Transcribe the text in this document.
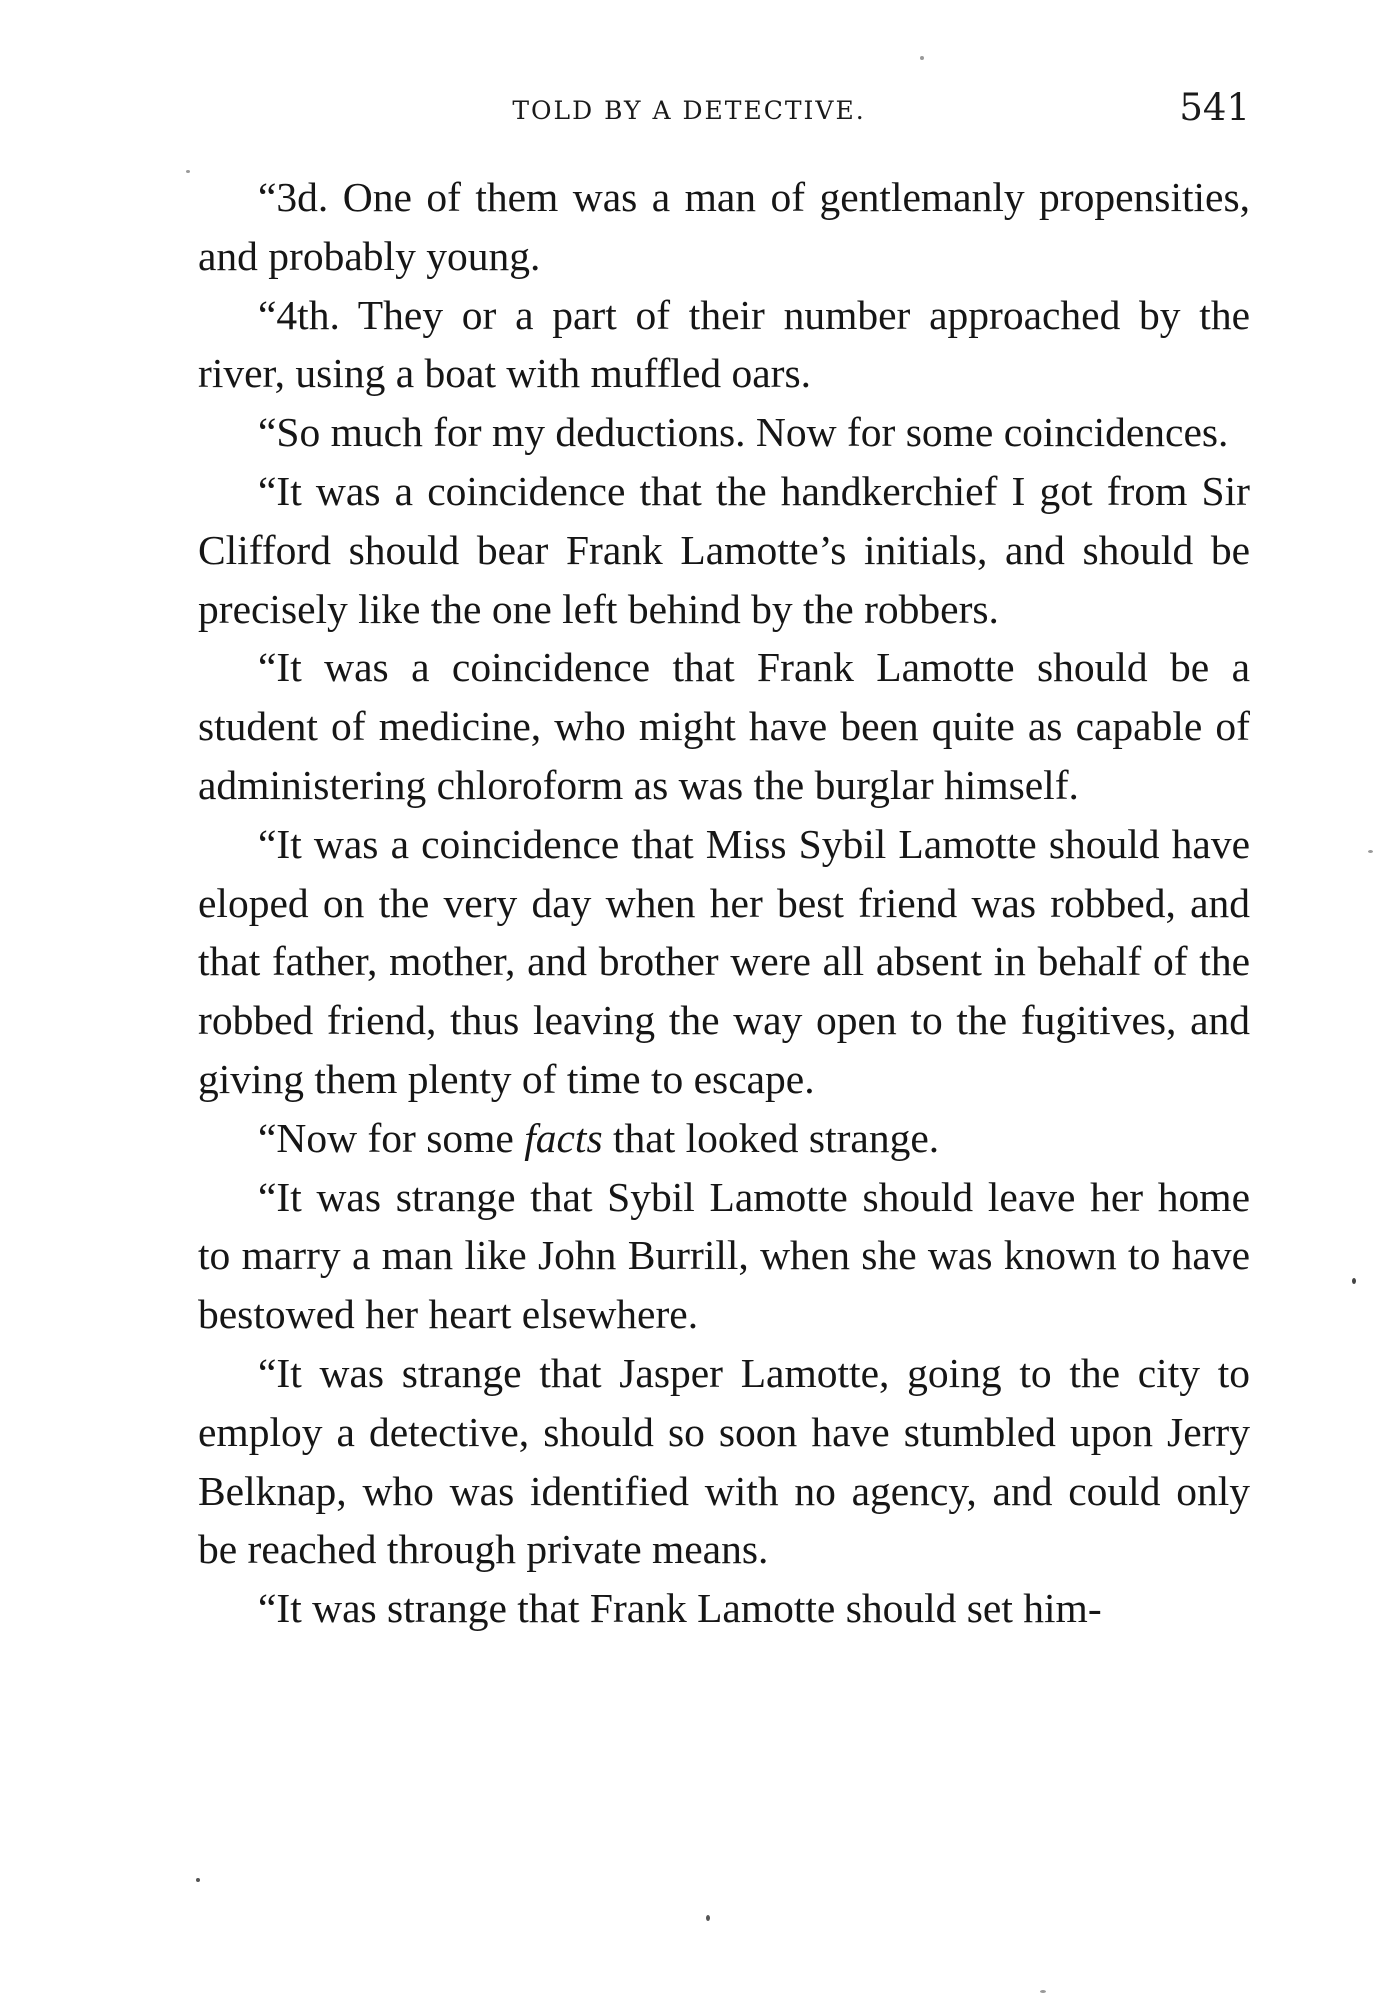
TOLD BY A DETECTIVE.	541

“3d. One of them was a man of gentlemanly propensities, and probably young.

“4th. They or a part of their number approached by the river, using a boat with muffled oars.

“So much for my deductions. Now for some coincidences.

“It was a coincidence that the handkerchief I got from Sir Clifford should bear Frank Lamotte’s initials, and should be precisely like the one left behind by the robbers.

“It was a coincidence that Frank Lamotte should be a student of medicine, who might have been quite as capable of administering chloroform as was the burglar himself.

“It was a coincidence that Miss Sybil Lamotte should have eloped on the very day when her best friend was robbed, and that father, mother, and brother were all absent in behalf of the robbed friend, thus leaving the way open to the fugitives, and giving them plenty of time to escape.

“Now for some facts that looked strange.

“It was strange that Sybil Lamotte should leave her home to marry a man like John Burrill, when she was known to have bestowed her heart elsewhere.

“It was strange that Jasper Lamotte, going to the city to employ a detective, should so soon have stumbled upon Jerry Belknap, who was identified with no agency, and could only be reached through private means.

“It was strange that Frank Lamotte should set him-
